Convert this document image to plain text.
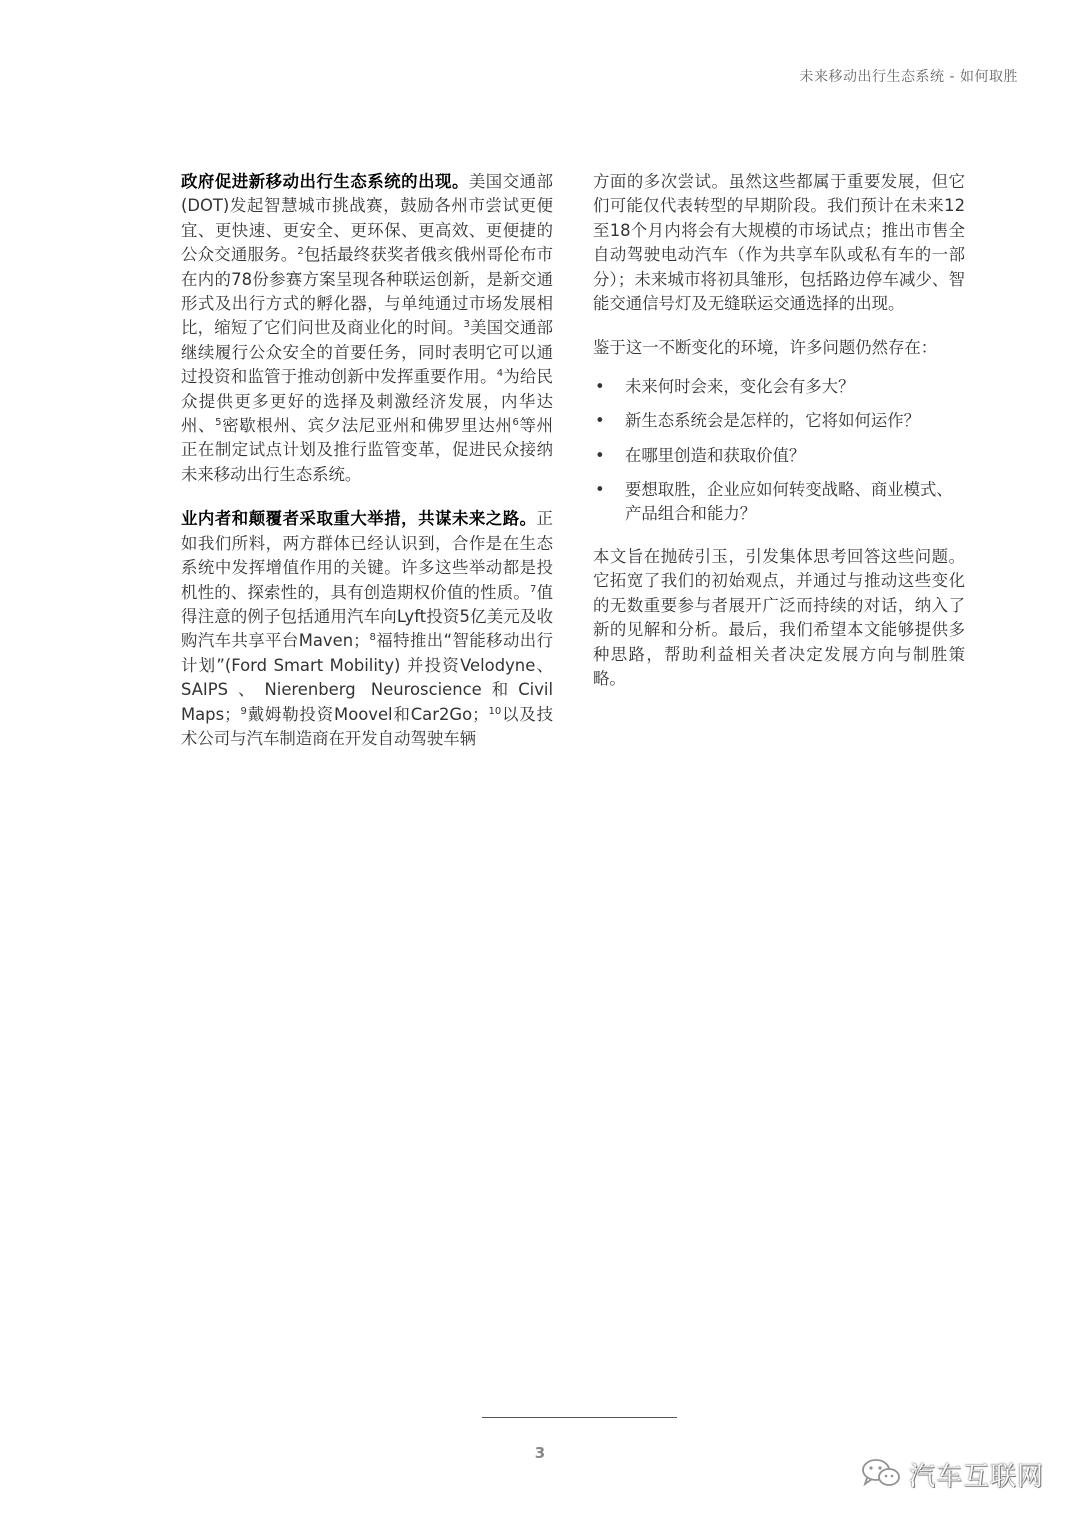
未来移动出行生态系统 - 如何取胜

政府促进新移动出行生态系统的出现。美国交通部(DOT)发起智慧城市挑战赛，鼓励各州市尝试更便宜、更快速、更安全、更环保、更高效、更便捷的公众交通服务。$^2$包括最终获奖者俄亥俄州哥伦布市在内的78份参赛方案呈现各种联运创新，是新交通形式及出行方式的孵化器，与单纯通过市场发展相比，缩短了它们问世及商业化的时间。$^3$美国交通部继续履行公众安全的首要任务，同时表明它可以通过投资和监管于推动创新中发挥重要作用。$^4$为给民众提供更多更好的选择及刺激经济发展，内华达州、$^5$密歇根州、宾夕法尼亚州和佛罗里达州$^6$等州正在制定试点计划及推行监管变革，促进民众接纳未来移动出行生态系统。

业内者和颠覆者采取重大举措，共谋未来之路。正如我们所料，两方群体已经认识到，合作是在生态系统中发挥增值作用的关键。许多这些举动都是投机性的、探索性的，具有创造期权价值的性质。$^7$值得注意的例子包括通用汽车向Lyft投资5亿美元及收购汽车共享平台Maven；$^8$福特推出“智能移动出行计划”(Ford Smart Mobility) 并投资Velodyne、SAIPS、Nierenberg Neuroscience和Civil Maps；$^9$戴姆勒投资Moovel和Car2Go；$^{10}$以及技术公司与汽车制造商在开发自动驾驶车辆

方面的多次尝试。虽然这些都属于重要发展，但它们可能仅代表转型的早期阶段。我们预计在未来12至18个月内将会有大规模的市场试点；推出市售全自动驾驶电动汽车（作为共享车队或私有车的一部分）；未来城市将初具雏形，包括路边停车减少、智能交通信号灯及无缝联运交通选择的出现。

鉴于这一不断变化的环境，许多问题仍然存在：

• 未来何时会来，变化会有多大？
• 新生态系统会是怎样的，它将如何运作？
• 在哪里创造和获取价值？
• 要想取胜，企业应如何转变战略、商业模式、产品组合和能力？

本文旨在抛砖引玉，引发集体思考回答这些问题。它拓宽了我们的初始观点，并通过与推动这些变化的无数重要参与者展开广泛而持续的对话，纳入了新的见解和分析。最后，我们希望本文能够提供多种思路，帮助利益相关者决定发展方向与制胜策略。

3
汽车互联网
